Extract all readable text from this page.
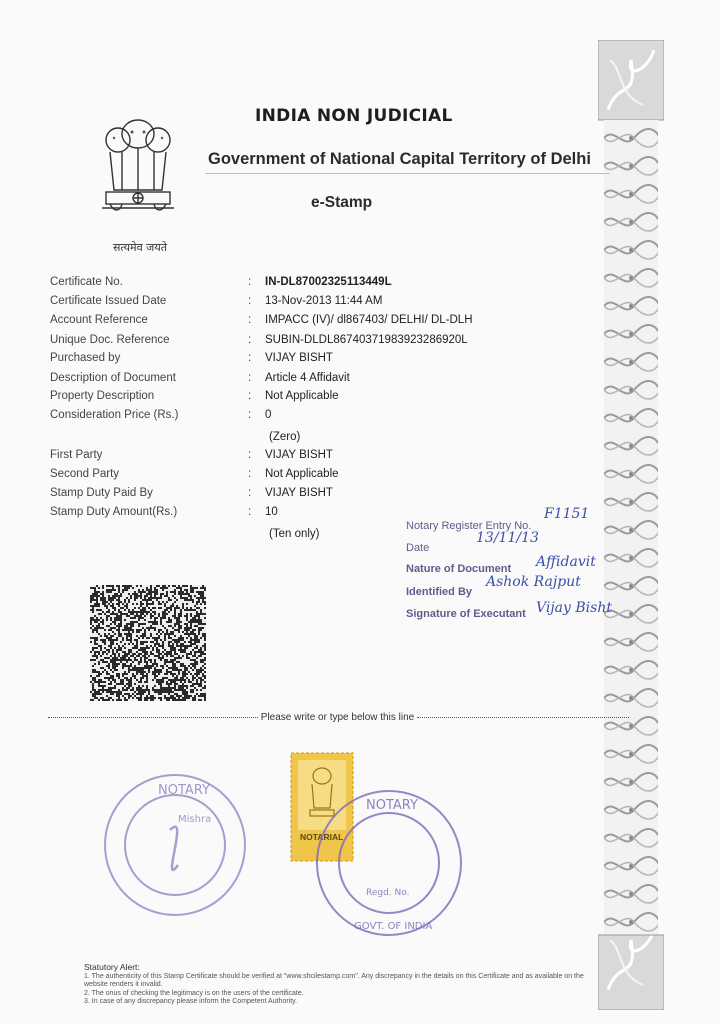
सत्यमेव जयते
INDIA NON JUDICIAL
Government of National Capital Territory of Delhi
e-Stamp
Certificate No.	: IN-DL87002325113449L
Certificate Issued Date	: 13-Nov-2013 11:44 AM
Account Reference	: IMPACC (IV)/ dl867403/ DELHI/ DL-DLH
Unique Doc. Reference	: SUBIN-DLDL86740371983923286920L
Purchased by	: VIJAY BISHT
Description of Document	: Article 4 Affidavit
Property Description	: Not Applicable
Consideration Price (Rs.)	: 0
(Zero)
First Party	: VIJAY BISHT
Second Party	: Not Applicable
Stamp Duty Paid By	: VIJAY BISHT
Stamp Duty Amount(Rs.)	: 10
(Ten only)
Notary Register Entry No.
F1151
Date
13/11/13
Nature of Document Affidavit
Identified By
Ashok Rajput
Signature of Executant Vijay Bisht
Please write or type below this line
NOTARY
Mishra
NOTARIAL
NOTARY
Regd. No.
GOVT. OF INDIA
Statutory Alert:
1. The authenticity of this Stamp Certificate should be verified at "www.shcilestamp.com". Any discrepancy in the details on this Certificate and as available on the website renders it invalid.
2. The onus of checking the legitimacy is on the users of the certificate.
3. In case of any discrepancy please inform the Competent Authority.
